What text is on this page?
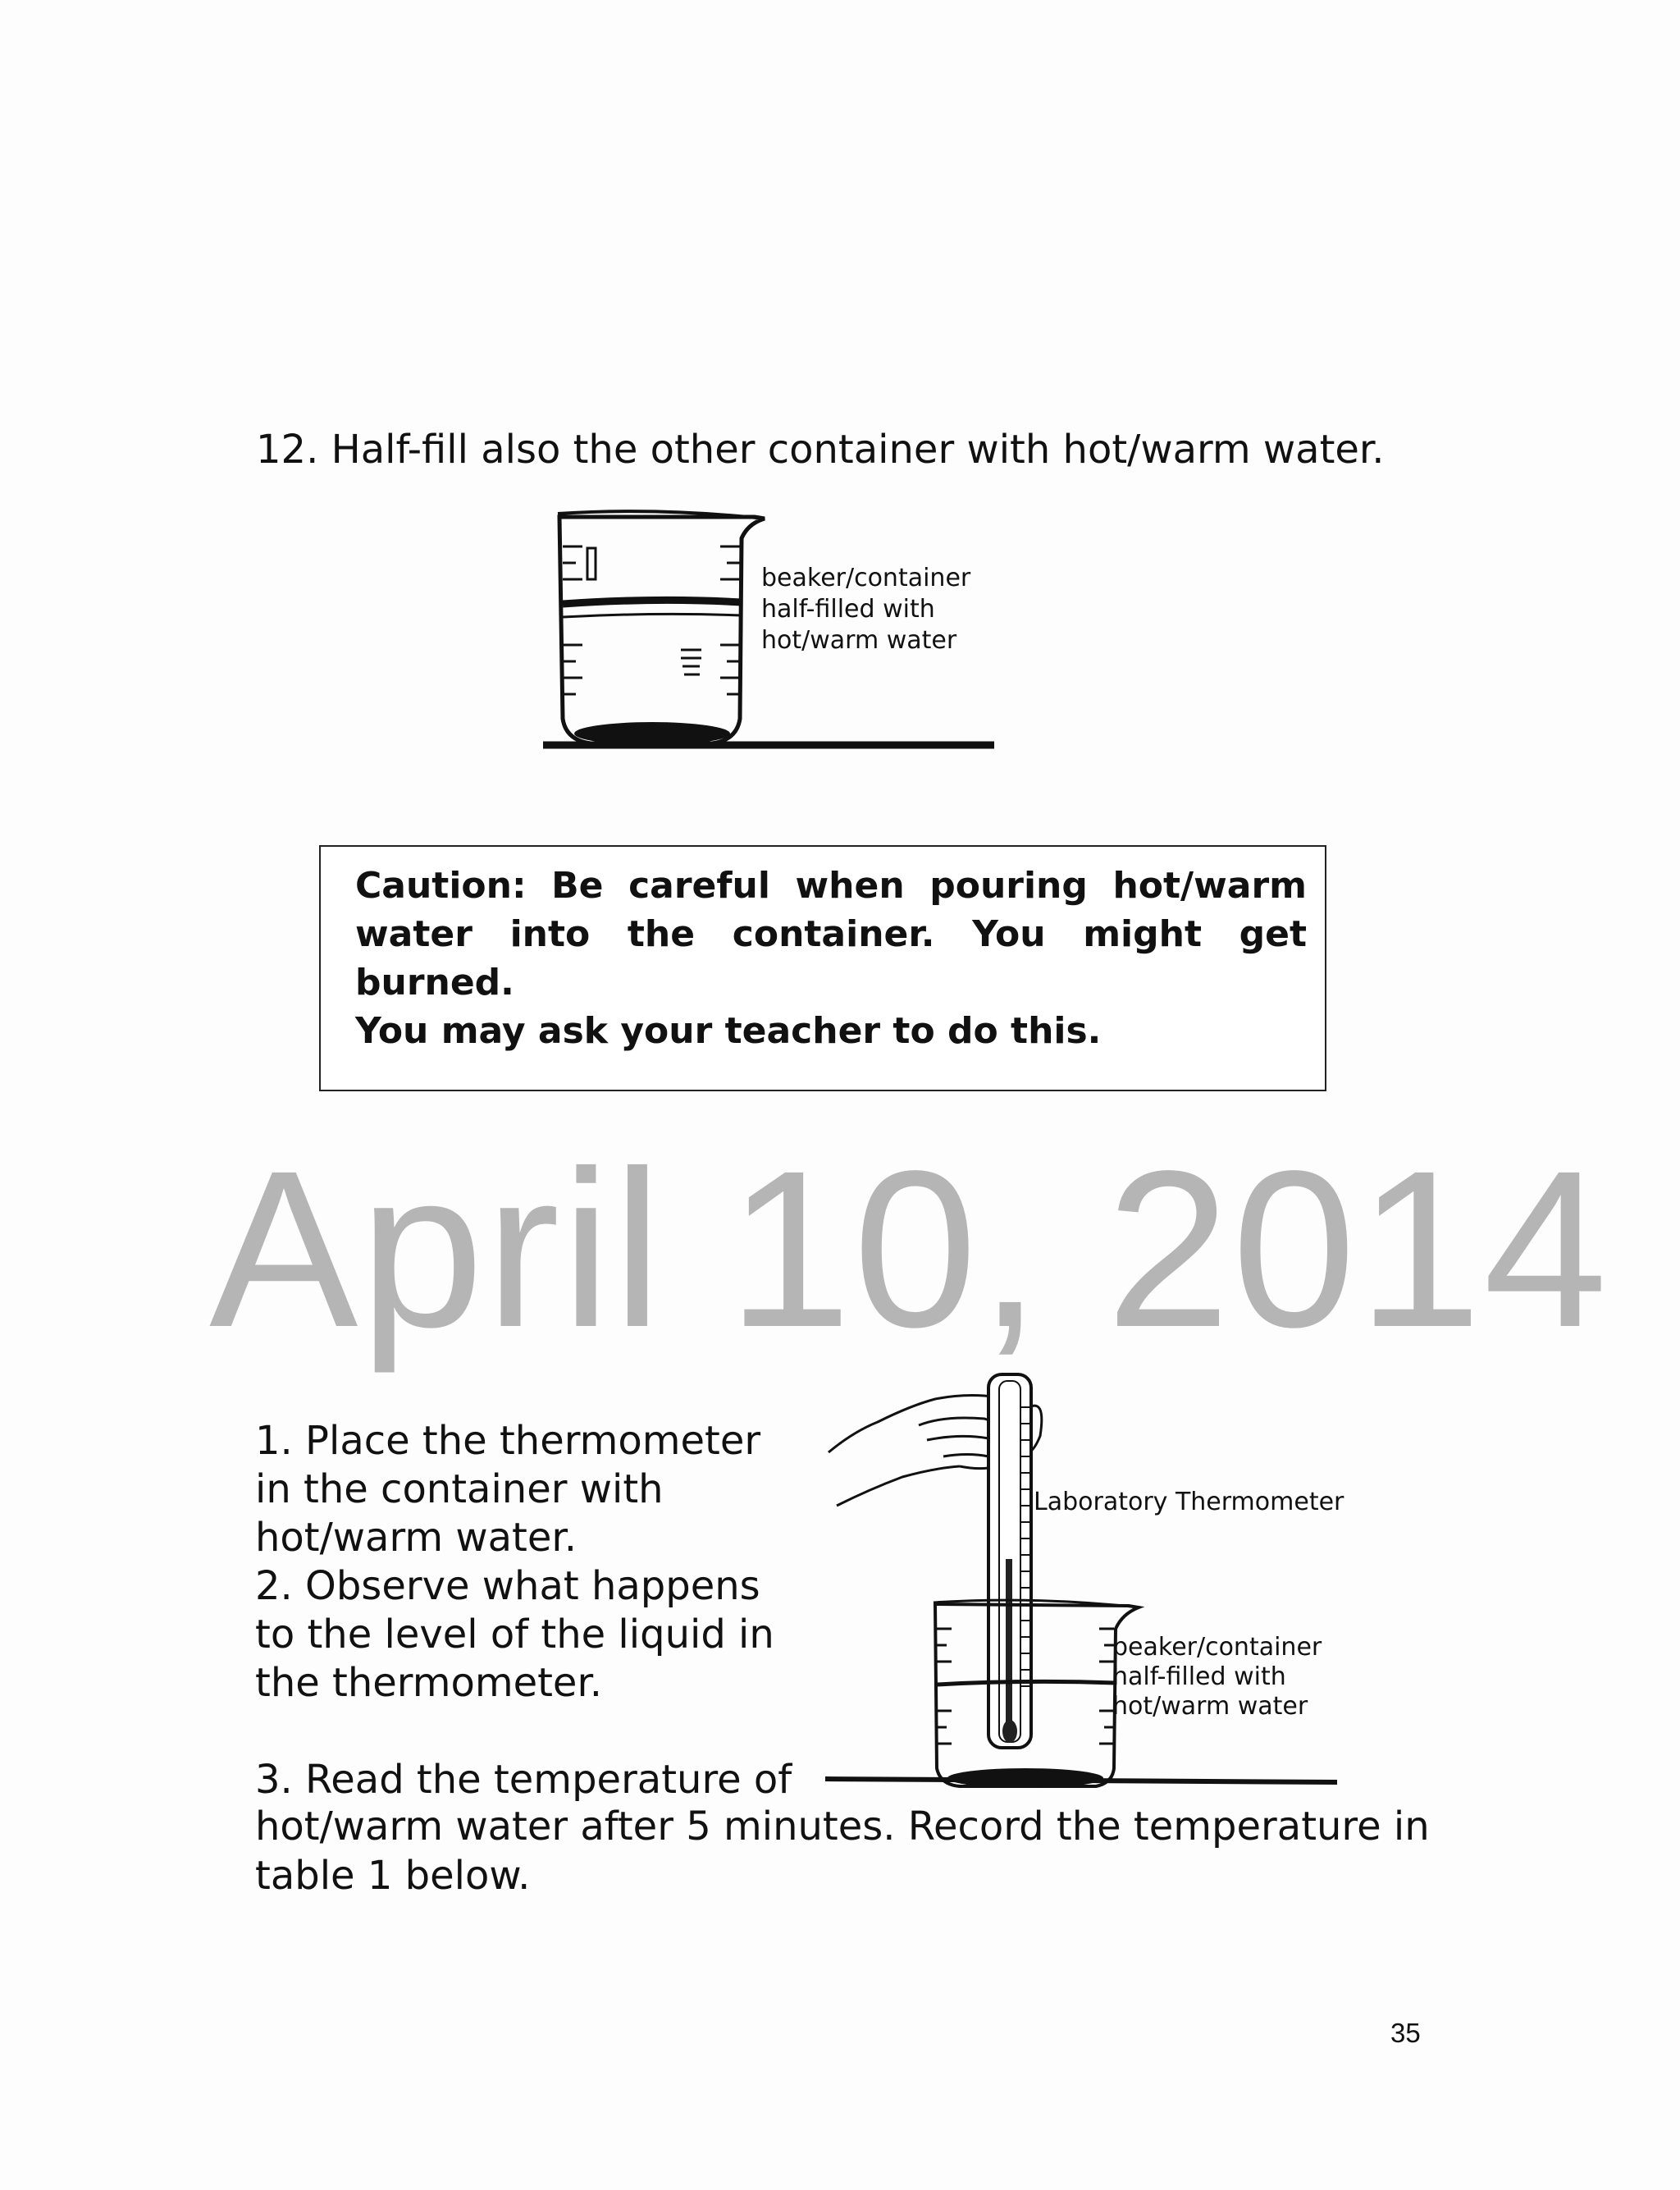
12. Half-fill also the other container with hot/warm water.
beaker/container
half-filled with
hot/warm water
Caution: Be careful when pouring hot/warm
water into the container. You might get burned.
You may ask your teacher to do this.
April 10, 2014

1. Place the thermometer

in the container with

hot/warm water.

2. Observe what happens

to the level of the liquid in

the thermometer.

3. Read the temperature of

Laboratory Thermometer
beaker/container
half-filled with
hot/warm water

hot/warm water after 5 minutes. Record the temperature in

table 1 below.

35
